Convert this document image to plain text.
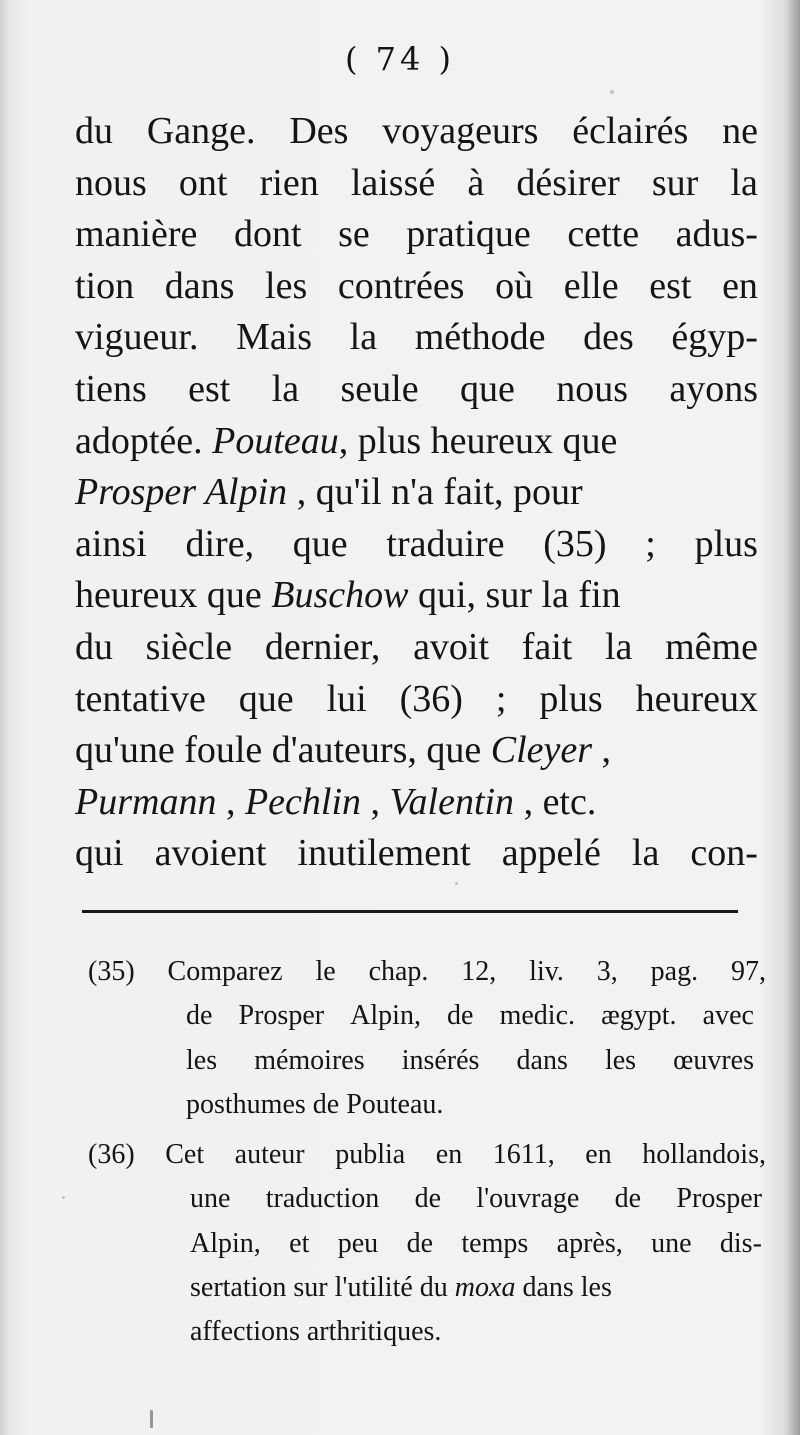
( 74 )
du Gange. Des voyageurs éclairés ne
nous ont rien laissé à désirer sur la
manière dont se pratique cette adus-
tion dans les contrées où elle est en
vigueur. Mais la méthode des égyp-
tiens est la seule que nous ayons
adoptée. Pouteau, plus heureux que
Prosper Alpin , qu'il n'a fait, pour
ainsi dire, que traduire (35) ; plus
heureux que Buschow qui, sur la fin
du siècle dernier, avoit fait la même
tentative que lui (36) ; plus heureux
qu'une foule d'auteurs, que Cleyer ,
Purmann , Pechlin , Valentin , etc.
qui avoient inutilement appelé la con-
(35) Comparez le chap. 12, liv. 3, pag. 97,
de Prosper Alpin, de medic. ægypt. avec
les mémoires insérés dans les œuvres
posthumes de Pouteau.
(36) Cet auteur publia en 1611, en hollandois,
une traduction de l'ouvrage de Prosper
Alpin, et peu de temps après, une dis-
sertation sur l'utilité du moxa dans les
affections arthritiques.
